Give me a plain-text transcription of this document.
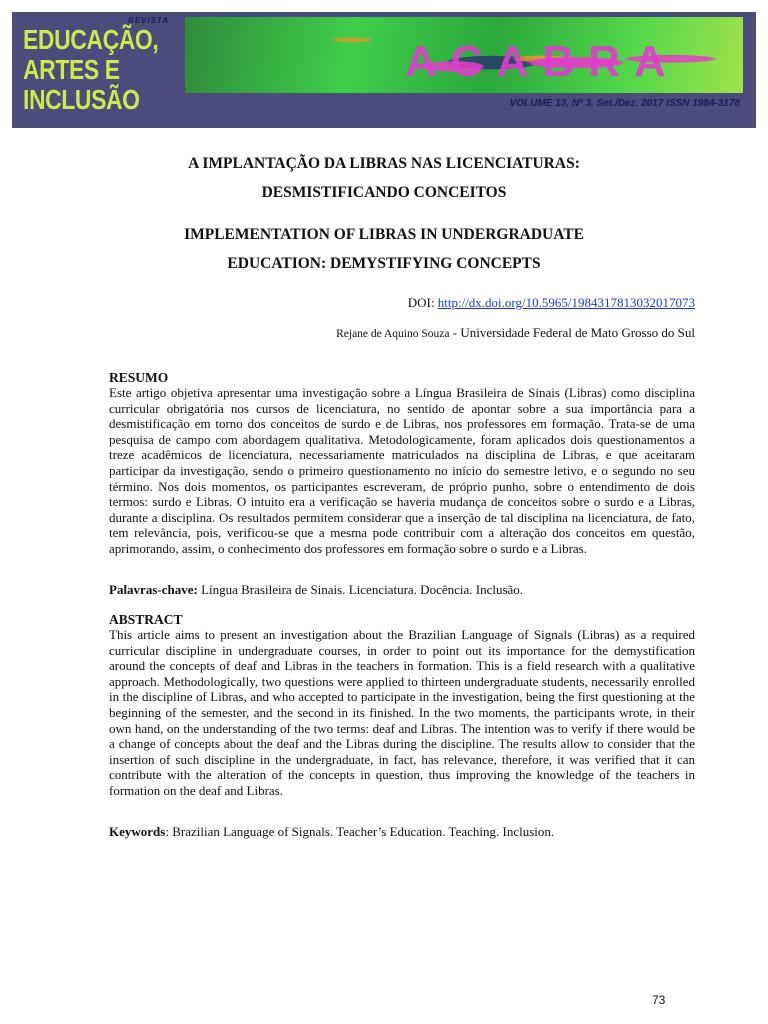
REVISTA
EDUCAÇÃO,
ARTES E
INCLUSÃO
ACABRA
VOLUME 13, Nº 3, Set./Dez. 2017 ISSN 1984-3178
A IMPLANTAÇÃO DA LIBRAS NAS LICENCIATURAS:
DESMISTIFICANDO CONCEITOS
IMPLEMENTATION OF LIBRAS IN UNDERGRADUATE
EDUCATION: DEMYSTIFYING CONCEPTS
DOI: http://dx.doi.org/10.5965/1984317813032017073
Rejane de Aquino Souza - Universidade Federal de Mato Grosso do Sul
RESUMO

Este artigo objetiva apresentar uma investigação sobre a Língua Brasileira de Sinais (Libras) como disciplina curricular obrigatória nos cursos de licenciatura, no sentido de apontar sobre a sua importância para a desmistificação em torno dos conceitos de surdo e de Libras, nos professores em formação. Trata-se de uma pesquisa de campo com abordagem qualitativa. Metodologicamente, foram aplicados dois questionamentos a treze acadêmicos de licenciatura, necessariamente matriculados na disciplina de Libras, e que aceitaram participar da investigação, sendo o primeiro questionamento no início do semestre letivo, e o segundo no seu término. Nos dois momentos, os participantes escreveram, de próprio punho, sobre o entendimento de dois termos: surdo e Libras. O intuito era a verificação se haveria mudança de conceitos sobre o surdo e a Libras, durante a disciplina. Os resultados permitem considerar que a inserção de tal disciplina na licenciatura, de fato, tem relevância, pois, verificou-se que a mesma pode contribuir com a alteração dos conceitos em questão, aprimorando, assim, o conhecimento dos professores em formação sobre o surdo e a Libras.

Palavras-chave: Língua Brasileira de Sinais. Licenciatura. Docência. Inclusão.
ABSTRACT

This article aims to present an investigation about the Brazilian Language of Signals (Libras) as a required curricular discipline in undergraduate courses, in order to point out its importance for the demystification around the concepts of deaf and Libras in the teachers in formation. This is a field research with a qualitative approach. Methodologically, two questions were applied to thirteen undergraduate students, necessarily enrolled in the discipline of Libras, and who accepted to participate in the investigation, being the first questioning at the beginning of the semester, and the second in its finished. In the two moments, the participants wrote, in their own hand, on the understanding of the two terms: deaf and Libras. The intention was to verify if there would be a change of concepts about the deaf and the Libras during the discipline. The results allow to consider that the insertion of such discipline in the undergraduate, in fact, has relevance, therefore, it was verified that it can contribute with the alteration of the concepts in question, thus improving the knowledge of the teachers in formation on the deaf and Libras.

Keywords: Brazilian Language of Signals. Teacher’s Education. Teaching. Inclusion.
73
